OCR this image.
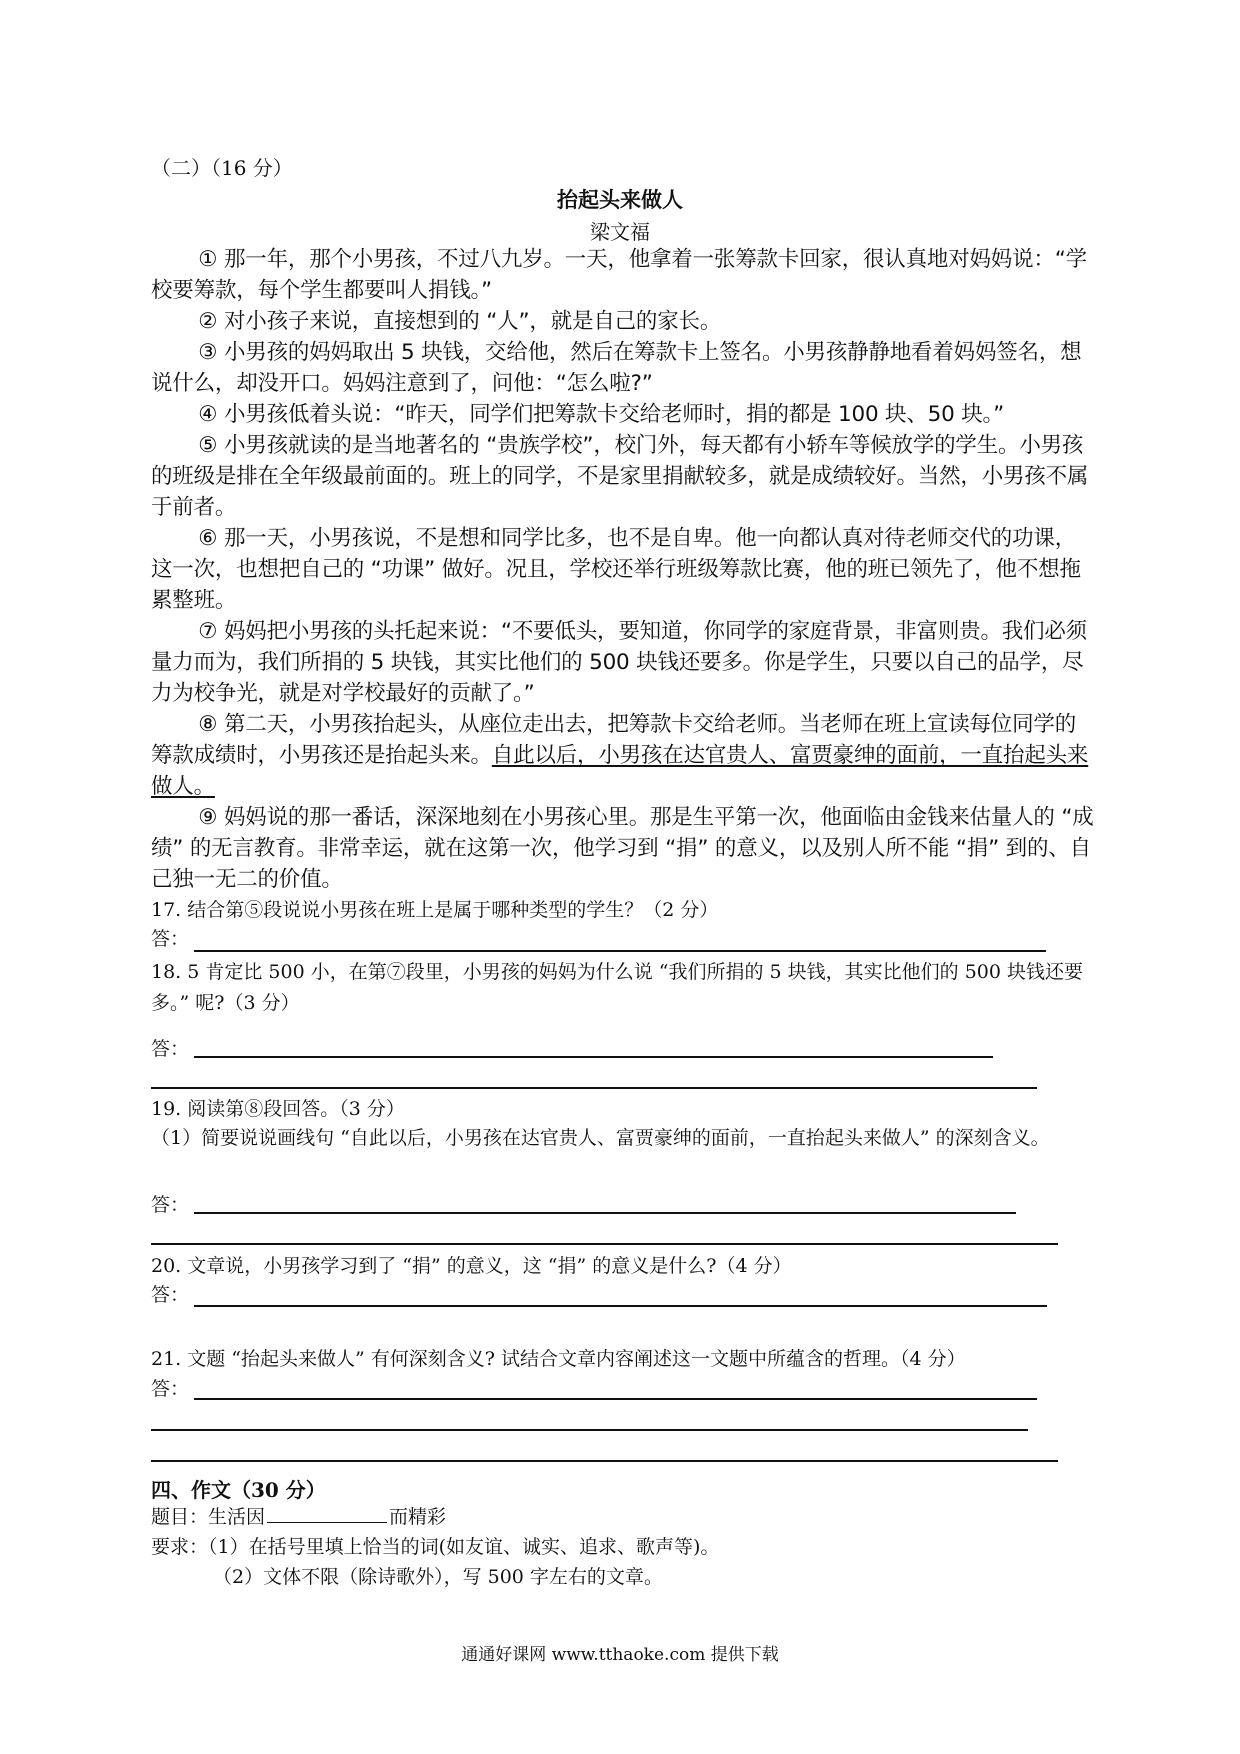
（二）（16 分）
抬起头来做人
梁文福
① 那一年，那个小男孩，不过八九岁。一天，他拿着一张筹款卡回家，很认真地对妈妈说：“学校要筹款，每个学生都要叫人捐钱。”
② 对小孩子来说，直接想到的 “人”，就是自己的家长。
③ 小男孩的妈妈取出 5 块钱，交给他，然后在筹款卡上签名。小男孩静静地看着妈妈签名，想说什么，却没开口。妈妈注意到了，问他：“怎么啦?”
④ 小男孩低着头说：“昨天，同学们把筹款卡交给老师时，捐的都是 100 块、50 块。”
⑤ 小男孩就读的是当地著名的 “贵族学校”，校门外，每天都有小轿车等候放学的学生。小男孩的班级是排在全年级最前面的。班上的同学，不是家里捐献较多，就是成绩较好。当然，小男孩不属于前者。
⑥ 那一天，小男孩说，不是想和同学比多，也不是自卑。他一向都认真对待老师交代的功课，这一次，也想把自己的 “功课” 做好。况且，学校还举行班级筹款比赛，他的班已领先了，他不想拖累整班。
⑦ 妈妈把小男孩的头托起来说：“不要低头，要知道，你同学的家庭背景，非富则贵。我们必须量力而为，我们所捐的 5 块钱，其实比他们的 500 块钱还要多。你是学生，只要以自己的品学，尽力为校争光，就是对学校最好的贡献了。”
⑧ 第二天，小男孩抬起头，从座位走出去，把筹款卡交给老师。当老师在班上宣读每位同学的筹款成绩时，小男孩还是抬起头来。自此以后，小男孩在达官贵人、富贾豪绅的面前，一直抬起头来做人。
⑨ 妈妈说的那一番话，深深地刻在小男孩心里。那是生平第一次，他面临由金钱来估量人的 “成绩” 的无言教育。非常幸运，就在这第一次，他学习到 “捐” 的意义，以及别人所不能 “捐” 到的、自己独一无二的价值。
17. 结合第⑤段说说小男孩在班上是属于哪种类型的学生？（2 分）
答：
18. 5 肯定比 500 小，在第⑦段里，小男孩的妈妈为什么说 “我们所捐的 5 块钱，其实比他们的 500 块钱还要多。” 呢?（3 分）
答：
19. 阅读第⑧段回答。（3 分）
（1）简要说说画线句 “自此以后，小男孩在达官贵人、富贾豪绅的面前，一直抬起头来做人” 的深刻含义。
答：
20. 文章说，小男孩学习到了 “捐” 的意义，这 “捐” 的意义是什么?（4 分）
答：
21. 文题 “抬起头来做人” 有何深刻含义? 试结合文章内容阐述这一文题中所蕴含的哲理。（4 分）
答：
四、作文（30 分）
题目：生活因	而精彩
要求：（1）在括号里填上恰当的词(如友谊、诚实、追求、歌声等)。
（2）文体不限（除诗歌外），写 500 字左右的文章。
通通好课网 www.tthaoke.com 提供下载
